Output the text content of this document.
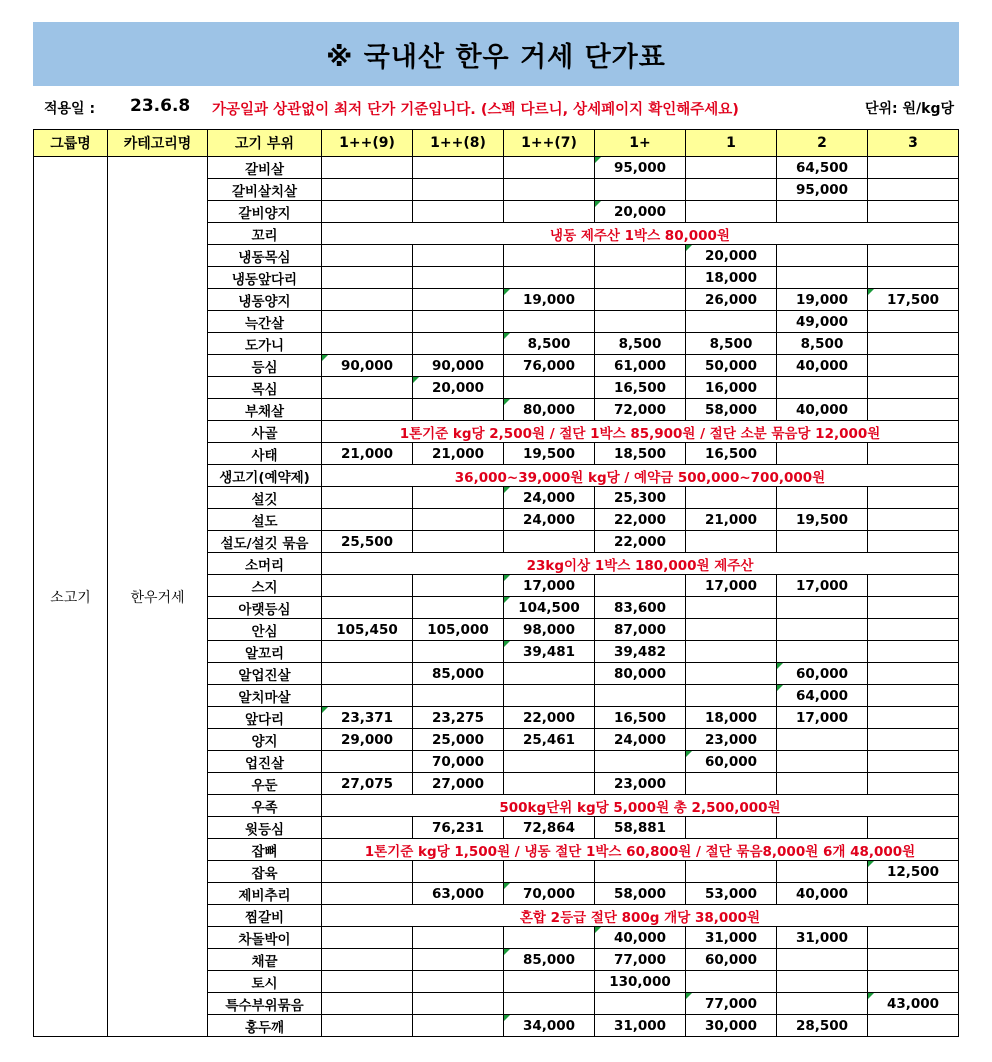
※ 국내산 한우 거세 단가표
적용일 : 23.6.8 가공일과 상관없이 최저 단가 기준입니다. (스펙 다르니, 상세페이지 확인해주세요)	단위: 원/kg당
그룹명	카테고리명	고기 부위	1++(9)	1++(8)	1++(7)	1+	1	2	3
소고기	한우거세	갈비살				95,000		64,500	
		갈비살치살						95,000	
		갈비양지				20,000			
		꼬리	냉동 제주산 1박스 80,000원						
		냉동목심					20,000		
		냉동앞다리					18,000		
		냉동양지			19,000		26,000	19,000	17,500
		늑간살						49,000	
		도가니			8,500	8,500	8,500	8,500	
		등심	90,000	90,000	76,000	61,000	50,000	40,000	
		목심		20,000		16,500	16,000		
		부채살			80,000	72,000	58,000	40,000	
		사골	1톤기준 kg당 2,500원 / 절단 1박스 85,900원 / 절단 소분 묶음당 12,000원						
		사태	21,000	21,000	19,500	18,500	16,500		
		생고기(예약제)	36,000~39,000원 kg당 / 예약금 500,000~700,000원						
		설깃			24,000	25,300			
		설도			24,000	22,000	21,000	19,500	
		설도/설깃 묶음	25,500			22,000			
		소머리	23kg이상 1박스 180,000원 제주산						
		스지			17,000		17,000	17,000	
		아랫등심			104,500	83,600			
		안심	105,450	105,000	98,000	87,000			
		알꼬리			39,481	39,482			
		알업진살		85,000		80,000		60,000	
		알치마살						64,000	
		앞다리	23,371	23,275	22,000	16,500	18,000	17,000	
		양지	29,000	25,000	25,461	24,000	23,000		
		업진살		70,000			60,000		
		우둔	27,075	27,000		23,000			
		우족	500kg단위 kg당 5,000원 총 2,500,000원						
		윗등심		76,231	72,864	58,881			
		잡뼈	1톤기준 kg당 1,500원 / 냉동 절단 1박스 60,800원 / 절단 묶음8,000원 6개 48,000원						
		잡육							12,500
		제비추리		63,000	70,000	58,000	53,000	40,000	
		찜갈비	혼합 2등급 절단 800g 개당 38,000원						
		차돌박이				40,000	31,000	31,000	
		채끝			85,000	77,000	60,000		
		토시				130,000			
		특수부위묶음					77,000		43,000
		홍두깨			34,000	31,000	30,000	28,500	
